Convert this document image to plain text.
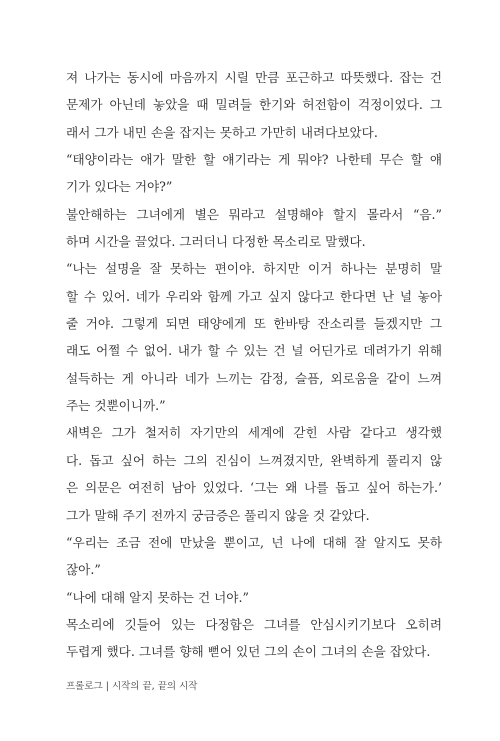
져 나가는 동시에 마음까지 시릴 만큼 포근하고 따뜻했다. 잡는 건
문제가 아닌데 놓았을 때 밀려들 한기와 허전함이 걱정이었다. 그
래서 그가 내민 손을 잡지는 못하고 가만히 내려다보았다.
“태양이라는 애가 말한 할 얘기라는 게 뭐야? 나한테 무슨 할 얘
기가 있다는 거야?”
불안해하는 그녀에게 별은 뭐라고 설명해야 할지 몰라서 “음.”
하며 시간을 끌었다. 그러더니 다정한 목소리로 말했다.
“나는 설명을 잘 못하는 편이야. 하지만 이거 하나는 분명히 말
할 수 있어. 네가 우리와 함께 가고 싶지 않다고 한다면 난 널 놓아
줄 거야. 그렇게 되면 태양에게 또 한바탕 잔소리를 들겠지만 그
래도 어쩔 수 없어. 내가 할 수 있는 건 널 어딘가로 데려가기 위해
설득하는 게 아니라 네가 느끼는 감정, 슬픔, 외로움을 같이 느껴
주는 것뿐이니까.”
새벽은 그가 철저히 자기만의 세계에 갇힌 사람 같다고 생각했
다. 돕고 싶어 하는 그의 진심이 느껴졌지만, 완벽하게 풀리지 않
은 의문은 여전히 남아 있었다. ‘그는 왜 나를 돕고 싶어 하는가.’
그가 말해 주기 전까지 궁금증은 풀리지 않을 것 같았다.
“우리는 조금 전에 만났을 뿐이고, 넌 나에 대해 잘 알지도 못하
잖아.”
“나에 대해 알지 못하는 건 너야.”
목소리에 깃들어 있는 다정함은 그녀를 안심시키기보다 오히려
두렵게 했다. 그녀를 향해 뻗어 있던 그의 손이 그녀의 손을 잡았다.
프롤로그 | 시작의 끝, 끝의 시작
